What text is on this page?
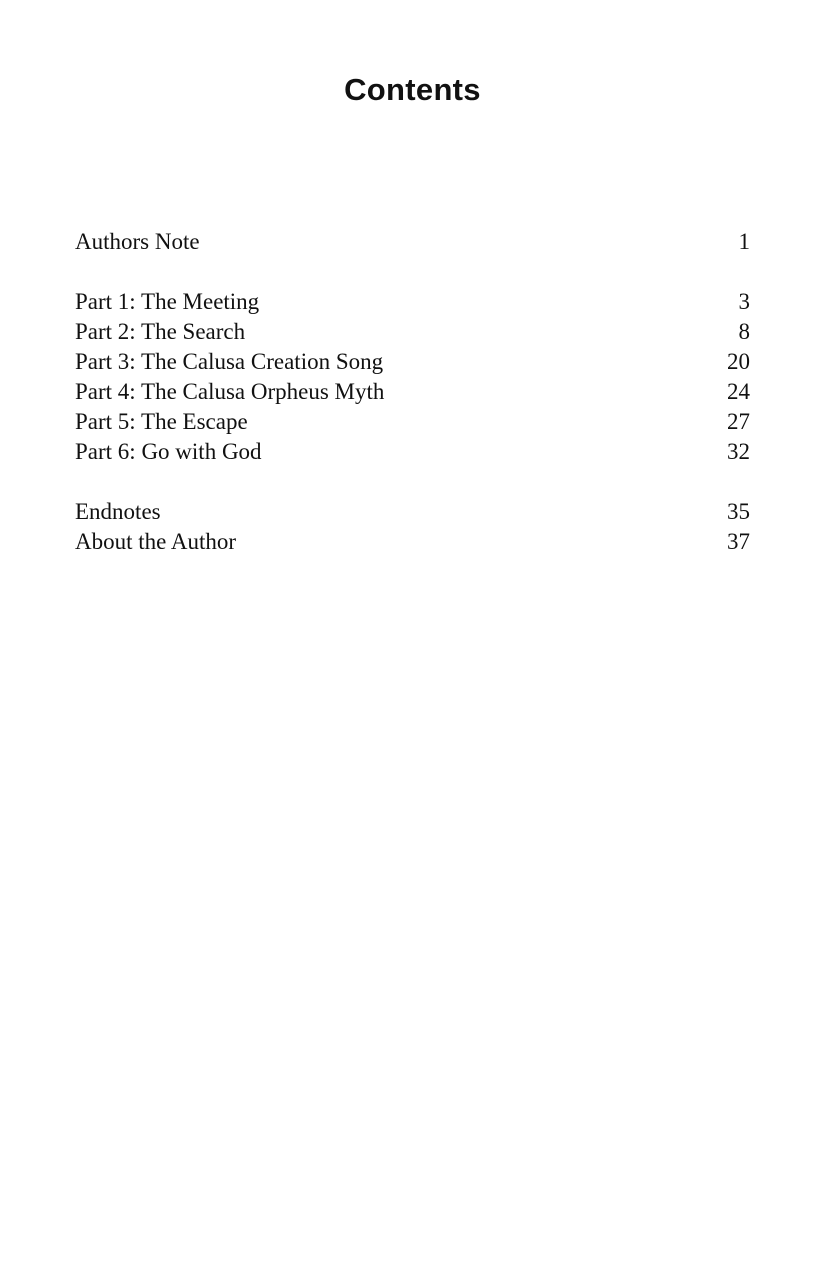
Contents
Authors Note	1
Part 1: The Meeting	3
Part 2: The Search	8
Part 3: The Calusa Creation Song	20
Part 4: The Calusa Orpheus Myth	24
Part 5: The Escape	27
Part 6: Go with God	32
Endnotes	35
About the Author	37
